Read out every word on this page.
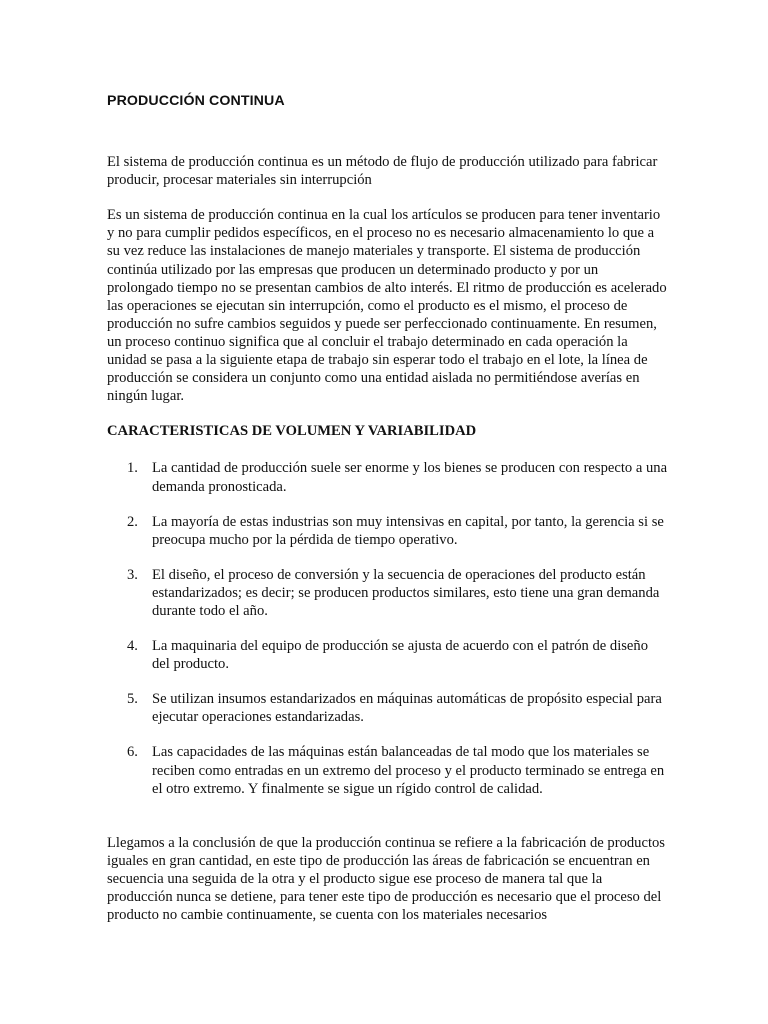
PRODUCCIÓN CONTINUA

El sistema de producción continua es un método de flujo de producción utilizado para fabricar producir, procesar materiales sin interrupción

Es un sistema de producción continua en la cual los artículos se producen para tener inventario y no para cumplir pedidos específicos, en el proceso no es necesario almacenamiento lo que a su vez reduce las instalaciones de manejo materiales y transporte. El sistema de producción continúa utilizado por las empresas que producen un determinado producto y por un prolongado tiempo no se presentan cambios de alto interés. El ritmo de producción es acelerado las operaciones se ejecutan sin interrupción, como el producto es el mismo, el proceso de producción no sufre cambios seguidos y puede ser perfeccionado continuamente. En resumen, un proceso continuo significa que al concluir el trabajo determinado en cada operación la unidad se pasa a la siguiente etapa de trabajo sin esperar todo el trabajo en el lote, la línea de producción se considera un conjunto como una entidad aislada no permitiéndose averías en ningún lugar.

CARACTERISTICAS DE VOLUMEN Y VARIABILIDAD
1. La cantidad de producción suele ser enorme y los bienes se producen con respecto a una demanda pronosticada.
2. La mayoría de estas industrias son muy intensivas en capital, por tanto, la gerencia si se preocupa mucho por la pérdida de tiempo operativo.
3. El diseño, el proceso de conversión y la secuencia de operaciones del producto están estandarizados; es decir; se producen productos similares, esto tiene una gran demanda durante todo el año.
4. La maquinaria del equipo de producción se ajusta de acuerdo con el patrón de diseño del producto.
5. Se utilizan insumos estandarizados en máquinas automáticas de propósito especial para ejecutar operaciones estandarizadas.
6. Las capacidades de las máquinas están balanceadas de tal modo que los materiales se reciben como entradas en un extremo del proceso y el producto terminado se entrega en el otro extremo. Y finalmente se sigue un rígido control de calidad.

Llegamos a la conclusión de que la producción continua se refiere a la fabricación de productos iguales en gran cantidad, en este tipo de producción las áreas de fabricación se encuentran en secuencia una seguida de la otra y el producto sigue ese proceso de manera tal que la producción nunca se detiene, para tener este tipo de producción es necesario que el proceso del producto no cambie continuamente, se cuenta con los materiales necesarios
